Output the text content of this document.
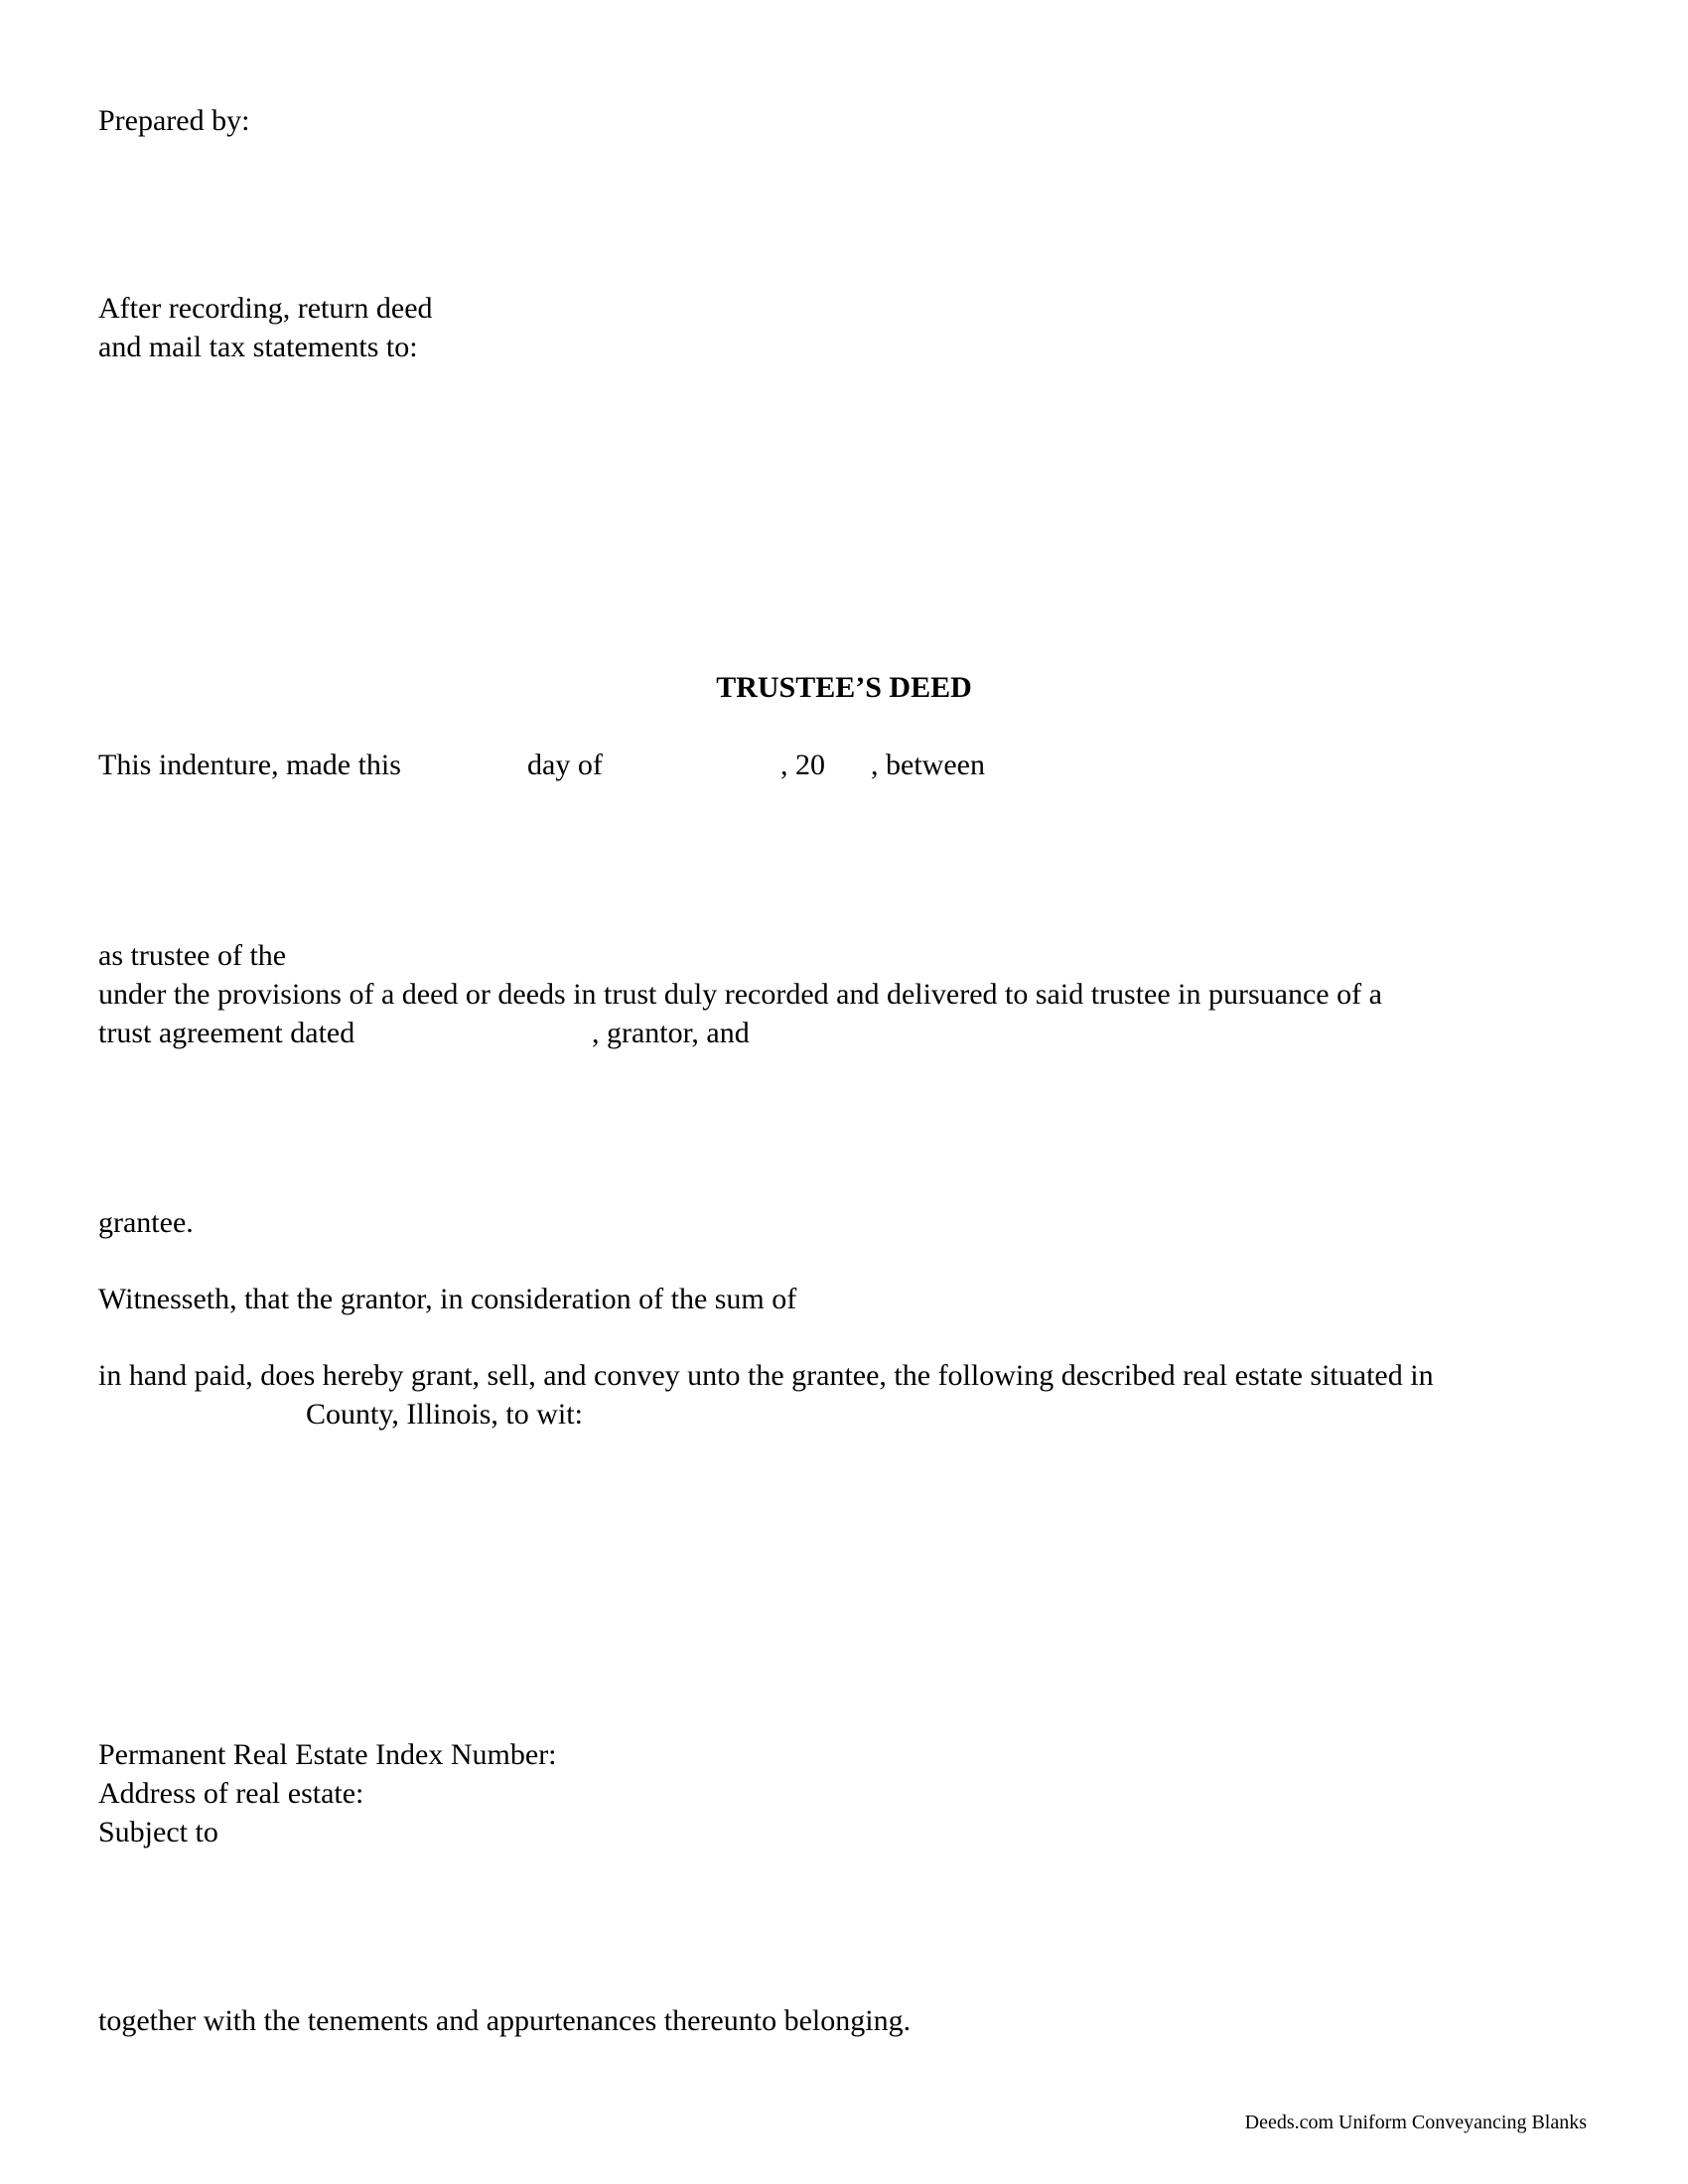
Prepared by:
After recording, return deed
and mail tax statements to:
TRUSTEE’S DEED
This indenture, made this	day of	, 20 , between
as trustee of the
under the provisions of a deed or deeds in trust duly recorded and delivered to said trustee in pursuance of a
trust agreement dated	, grantor, and
grantee.
Witnesseth, that the grantor, in consideration of the sum of
in hand paid, does hereby grant, sell, and convey unto the grantee, the following described real estate situated in
County, Illinois, to wit:
Permanent Real Estate Index Number:
Address of real estate:
Subject to
together with the tenements and appurtenances thereunto belonging.
Deeds.com Uniform Conveyancing Blanks
